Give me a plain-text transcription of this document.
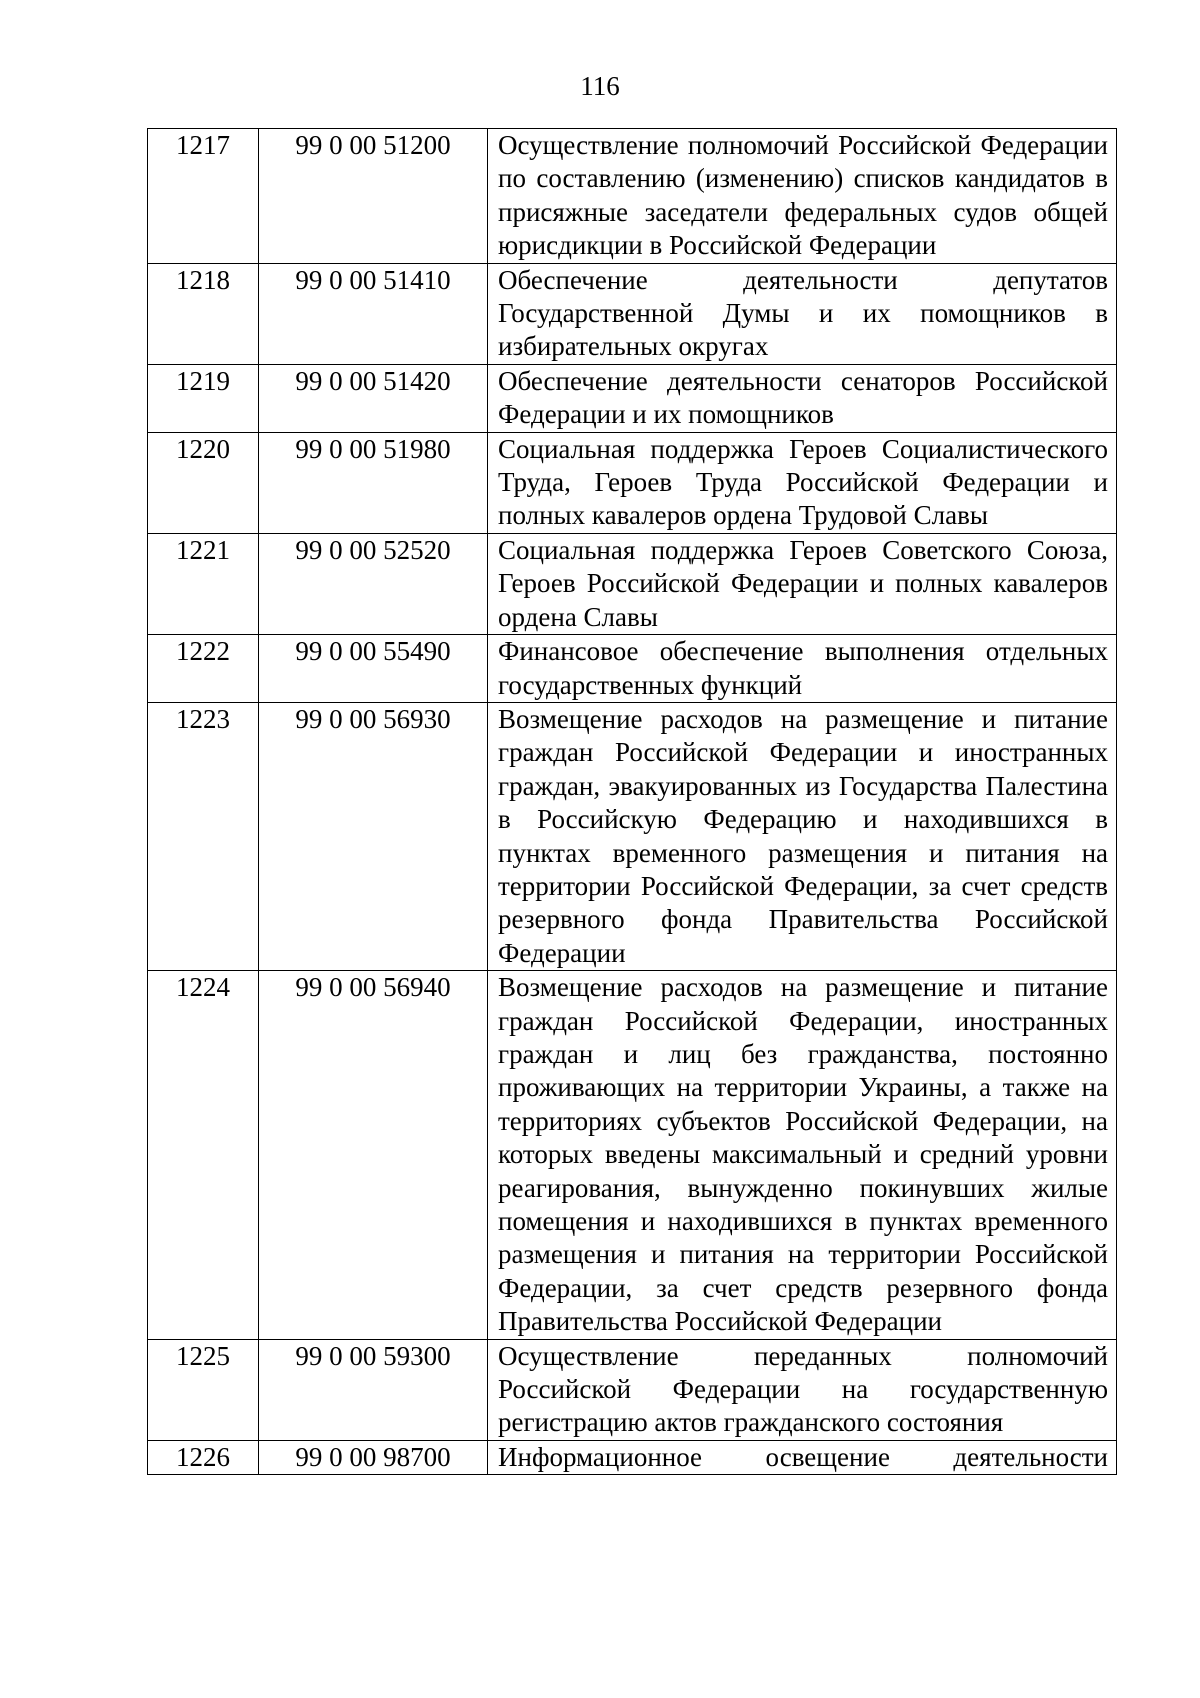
116
1217	99 0 00 51200	Осуществление полномочий Российской Федерации по составлению (изменению) списков кандидатов в присяжные заседатели федеральных судов общей юрисдикции в Российской Федерации
1218	99 0 00 51410	Обеспечение деятельности депутатов Государственной Думы и их помощников в избирательных округах
1219	99 0 00 51420	Обеспечение деятельности сенаторов Российской Федерации и их помощников
1220	99 0 00 51980	Социальная поддержка Героев Социалистического Труда, Героев Труда Российской Федерации и полных кавалеров ордена Трудовой Славы
1221	99 0 00 52520	Социальная поддержка Героев Советского Союза, Героев Российской Федерации и полных кавалеров ордена Славы
1222	99 0 00 55490	Финансовое обеспечение выполнения отдельных государственных функций
1223	99 0 00 56930	Возмещение расходов на размещение и питание граждан Российской Федерации и иностранных граждан, эвакуированных из Государства Палестина в Российскую Федерацию и находившихся в пунктах временного размещения и питания на территории Российской Федерации, за счет средств резервного фонда Правительства Российской Федерации
1224	99 0 00 56940	Возмещение расходов на размещение и питание граждан Российской Федерации, иностранных граждан и лиц без гражданства, постоянно проживающих на территории Украины, а также на территориях субъектов Российской Федерации, на которых введены максимальный и средний уровни реагирования, вынужденно покинувших жилые помещения и находившихся в пунктах временного размещения и питания на территории Российской Федерации, за счет средств резервного фонда Правительства Российской Федерации
1225	99 0 00 59300	Осуществление переданных полномочий Российской Федерации на государственную регистрацию актов гражданского состояния
1226	99 0 00 98700	Информационное освещение деятельности
